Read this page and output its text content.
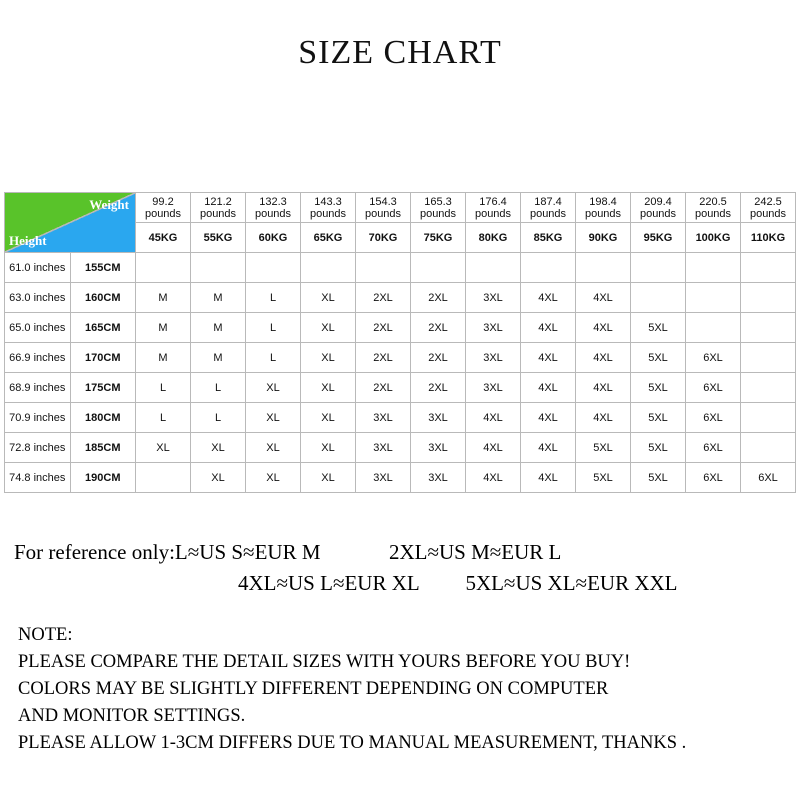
SIZE CHART
Weight
Height		99.2 pounds	121.2 pounds	132.3 pounds	143.3 pounds	154.3 pounds	165.3 pounds	176.4 pounds	187.4 pounds	198.4 pounds	209.4 pounds	220.5 pounds	242.5 pounds
		45KG	55KG	60KG	65KG	70KG	75KG	80KG	85KG	90KG	95KG	100KG	110KG
61.0 inches	155CM												
63.0 inches	160CM	M	M	L	XL	2XL	2XL	3XL	4XL	4XL			
65.0 inches	165CM	M	M	L	XL	2XL	2XL	3XL	4XL	4XL	5XL		
66.9 inches	170CM	M	M	L	XL	2XL	2XL	3XL	4XL	4XL	5XL	6XL	
68.9 inches	175CM	L	L	XL	XL	2XL	2XL	3XL	4XL	4XL	5XL	6XL	
70.9 inches	180CM	L	L	XL	XL	3XL	3XL	4XL	4XL	4XL	5XL	6XL	
72.8 inches	185CM	XL	XL	XL	XL	3XL	3XL	4XL	4XL	5XL	5XL	6XL	
74.8 inches	190CM		XL	XL	XL	3XL	3XL	4XL	4XL	5XL	5XL	6XL	6XL
For reference only:L≈US S≈EUR M	2XL≈US M≈EUR L
4XL≈US L≈EUR XL 5XL≈US XL≈EUR XXL
NOTE:
PLEASE COMPARE THE DETAIL SIZES WITH YOURS BEFORE YOU BUY!
COLORS MAY BE SLIGHTLY DIFFERENT DEPENDING ON COMPUTER
AND MONITOR SETTINGS.
PLEASE ALLOW 1-3CM DIFFERS DUE TO MANUAL MEASUREMENT, THANKS .
